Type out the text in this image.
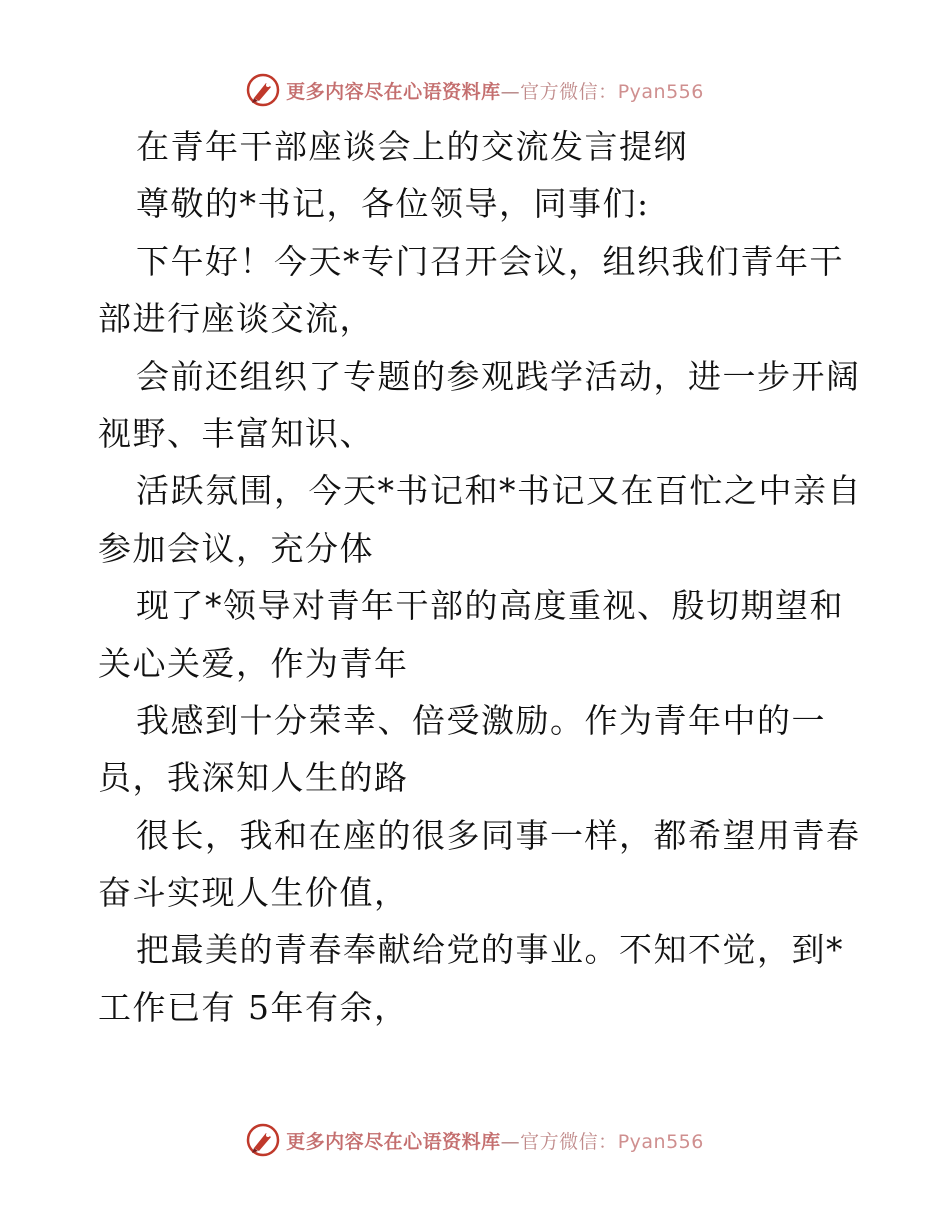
更多内容尽在心语资料库—官方微信：Pyan556
在青年干部座谈会上的交流发言提纲
尊敬的*书记，各位领导，同事们:
下午好！今天*专门召开会议，组织我们青年干
部进行座谈交流，
会前还组织了专题的参观践学活动，进一步开阔
视野、丰富知识、
活跃氛围，今天*书记和*书记又在百忙之中亲自
参加会议，充分体
现了*领导对青年干部的高度重视、殷切期望和
关心关爱，作为青年
我感到十分荣幸、倍受激励。作为青年中的一
员，我深知人生的路
很长，我和在座的很多同事一样，都希望用青春
奋斗实现人生价值，
把最美的青春奉献给党的事业。不知不觉，到*
工作已有 5年有余，
更多内容尽在心语资料库—官方微信：Pyan556
